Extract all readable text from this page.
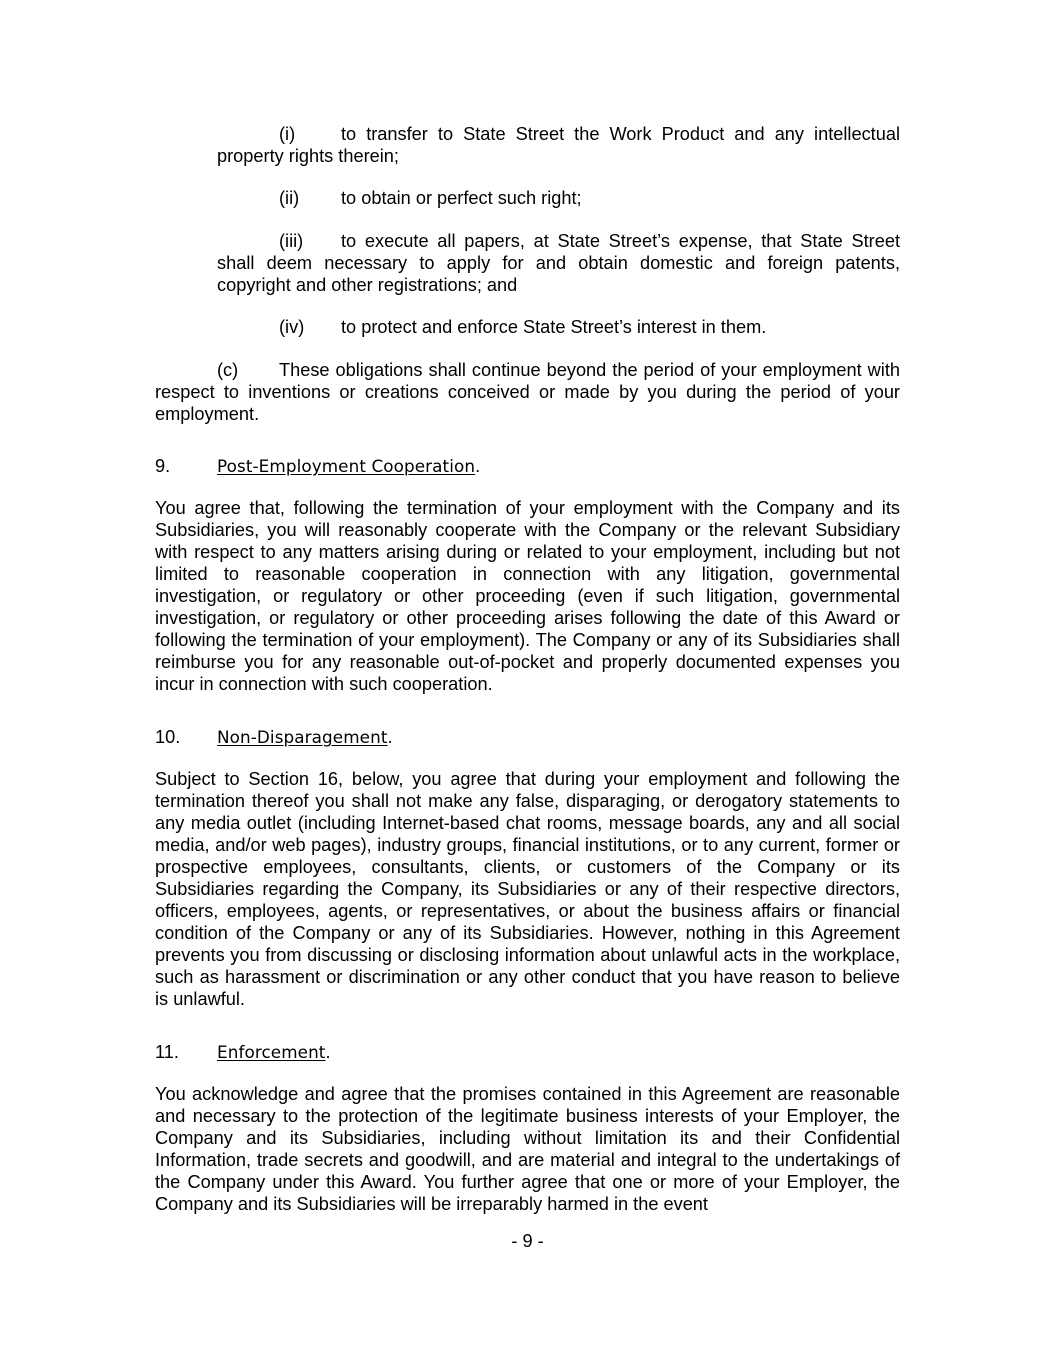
(i)	to transfer to State Street the Work Product and any intellectual property rights therein;

(ii) to obtain or perfect such right;

(iii) to execute all papers, at State Street’s expense, that State Street shall deem necessary to apply for and obtain domestic and foreign patents, copyright and other registrations; and

(iv) to protect and enforce State Street’s interest in them.

(c) These obligations shall continue beyond the period of your employment with respect to inventions or creations conceived or made by you during the period of your employment.

9.	Post-Employment Cooperation.

You agree that, following the termination of your employment with the Company and its Subsidiaries, you will reasonably cooperate with the Company or the relevant Subsidiary with respect to any matters arising during or related to your employment, including but not limited to reasonable cooperation in connection with any litigation, governmental investigation, or regulatory or other proceeding (even if such litigation, governmental investigation, or regulatory or other proceeding arises following the date of this Award or following the termination of your employment). The Company or any of its Subsidiaries shall reimburse you for any reasonable out-of-pocket and properly documented expenses you incur in connection with such cooperation.

10. Non-Disparagement.

Subject to Section 16, below, you agree that during your employment and following the termination thereof you shall not make any false, disparaging, or derogatory statements to any media outlet (including Internet-based chat rooms, message boards, any and all social media, and/or web pages), industry groups, financial institutions, or to any current, former or prospective employees, consultants, clients, or customers of the Company or its Subsidiaries regarding the Company, its Subsidiaries or any of their respective directors, officers, employees, agents, or representatives, or about the business affairs or financial condition of the Company or any of its Subsidiaries. However, nothing in this Agreement prevents you from discussing or disclosing information about unlawful acts in the workplace, such as harassment or discrimination or any other conduct that you have reason to believe is unlawful.

11. Enforcement.

You acknowledge and agree that the promises contained in this Agreement are reasonable and necessary to the protection of the legitimate business interests of your Employer, the Company and its Subsidiaries, including without limitation its and their Confidential Information, trade secrets and goodwill, and are material and integral to the undertakings of the Company under this Award. You further agree that one or more of your Employer, the Company and its Subsidiaries will be irreparably harmed in the event

- 9 -
